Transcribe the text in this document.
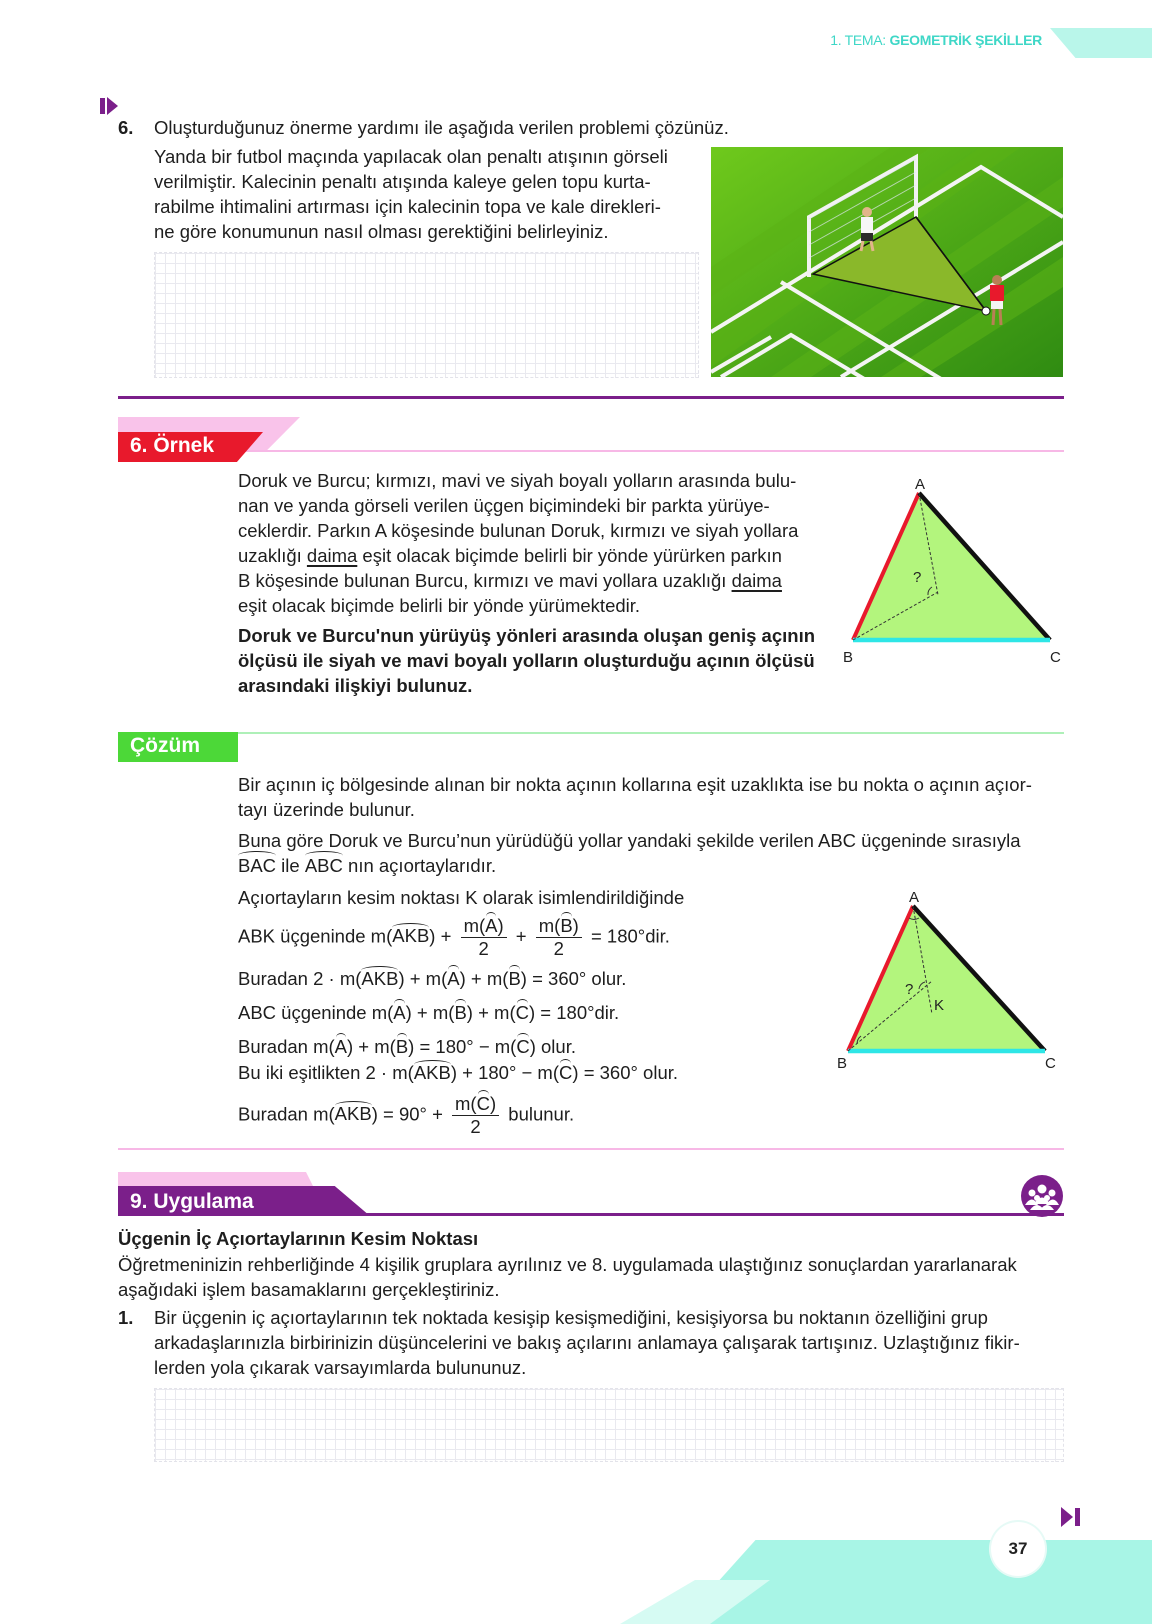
1. TEMA: GEOMETRİK ŞEKİLLER
6. Oluşturduğunuz önerme yardımı ile aşağıda verilen problemi çözünüz.
Yanda bir futbol maçında yapılacak olan penaltı atışının görseli
verilmiştir. Kalecinin penaltı atışında kaleye gelen topu kurta-
rabilme ihtimalini artırması için kalecinin topa ve kale direkleri-
ne göre konumunun nasıl olması gerektiğini belirleyiniz.
6. Örnek
Doruk ve Burcu; kırmızı, mavi ve siyah boyalı yolların arasında bulu-
nan ve yanda görseli verilen üçgen biçimindeki bir parkta yürüye-
ceklerdir. Parkın A köşesinde bulunan Doruk, kırmızı ve siyah yollara
uzaklığı daima eşit olacak biçimde belirli bir yönde yürürken parkın
B köşesinde bulunan Burcu, kırmızı ve mavi yollara uzaklığı daima
eşit olacak biçimde belirli bir yönde yürümektedir.
Doruk ve Burcu'nun yürüyüş yönleri arasında oluşan geniş açının
ölçüsü ile siyah ve mavi boyalı yolların oluşturduğu açının ölçüsü
arasındaki ilişkiyi bulunuz.
A
B	C
?
Çözüm
Bir açının iç bölgesinde alınan bir nokta açının kollarına eşit uzaklıkta ise bu nokta o açının açıor-
tayı üzerinde bulunur.
Buna göre Doruk ve Burcu’nun yürüdüğü yollar yandaki şekilde verilen ABC üçgeninde sırasıyla
BAC ile ABC nın açıortaylarıdır.
Açıortayların kesim noktası K olarak isimlendirildiğinde
ABK üçgeninde $m(AKB) + \frac{m(A)}{2} + \frac{m(B)}{2} = 180^\circ dir$.
Buradan 2 · m(AKB) + m(A) + m(B) = 360° olur.
ABC üçgeninde m(A) + m(B) + m(C) = 180°dir.
Buradan m(A) + m(B) = 180° − m(C) olur.
Bu iki eşitlikten 2 · m(AKB) + 180° − m(C) = 360° olur.
Buradan $m(AKB) = 90^\circ + \frac{m(C)}{2}$ bulunur.
A
B	C
K
?
9. Uygulama
Üçgenin İç Açıortaylarının Kesim Noktası
Öğretmeninizin rehberliğinde 4 kişilik gruplara ayrılınız ve 8. uygulamada ulaştığınız sonuçlardan yararlanarak
aşağıdaki işlem basamaklarını gerçekleştiriniz.
1. Bir üçgenin iç açıortaylarının tek noktada kesişip kesişmediğini, kesişiyorsa bu noktanın özelliğini grup
arkadaşlarınızla birbirinizin düşüncelerini ve bakış açılarını anlamaya çalışarak tartışınız. Uzlaştığınız fikir-
lerden yola çıkarak varsayımlarda bulununuz.
37
